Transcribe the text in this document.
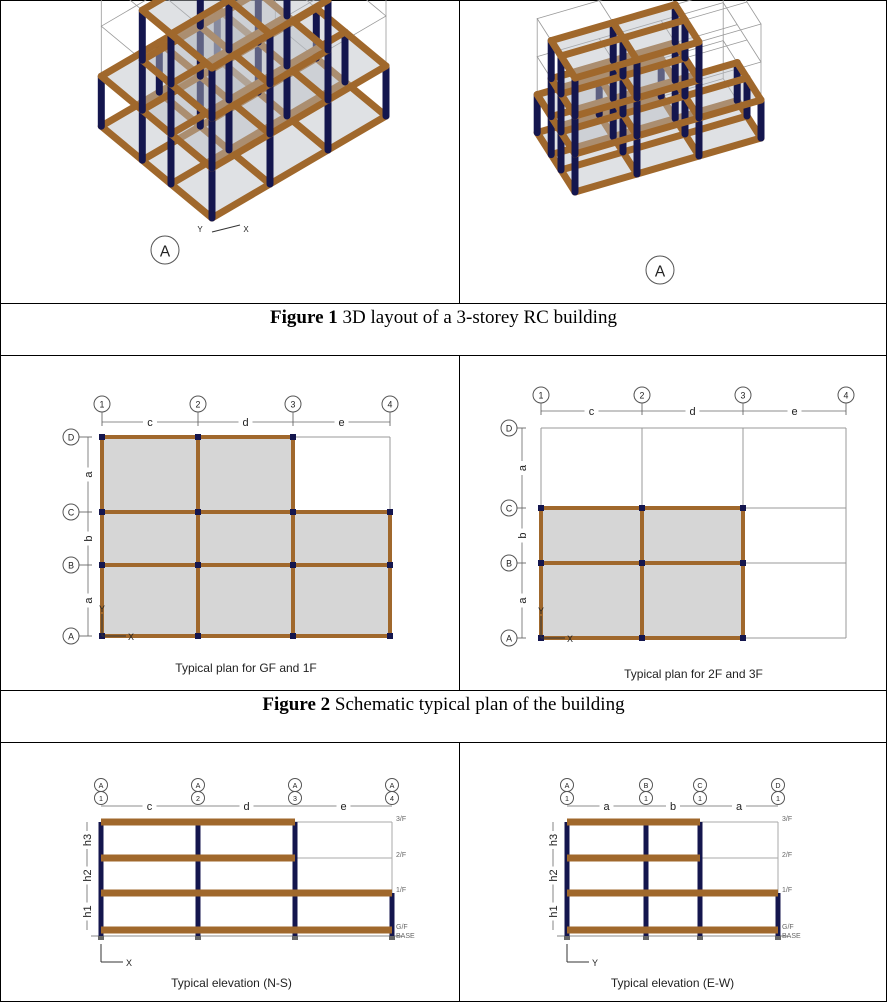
Figure 1 3D layout of a 3-storey RC building
Figure 2 Schematic typical plan of the building
X
Y
A
A
1	2	3	4
A
B
C
D
c	d	e
a
b
a
X
Y
Typical plan for GF and 1F
1	2	3	4
A
B
C
D
c	d	e
a
b
a
X
Y
Typical plan for 2F and 3F
A
1
A
2
A
3
A
4
c	d	e
h1
h2
h3
G/F
1/F
2/F
3/F
BASE
X
Typical elevation (N-S)
A
1
B
1
C
1
D
1
a	b	a
h1
h2
h3
G/F
1/F
2/F
3/F
BASE
Y
Typical elevation (E-W)
